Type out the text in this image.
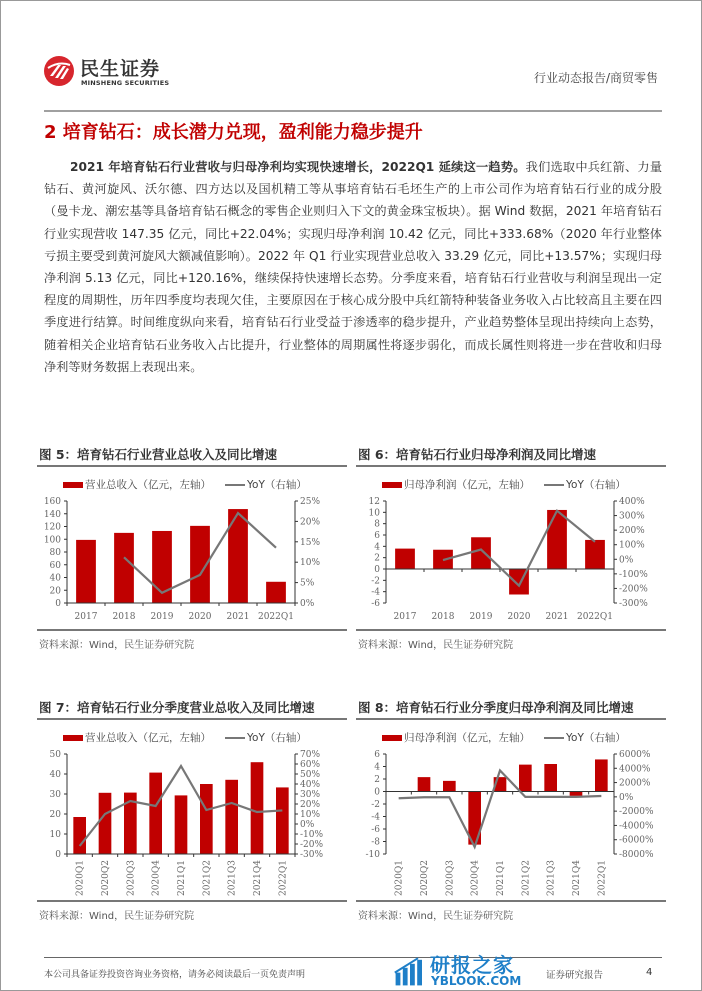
民生证券
MINSHENG SECURITIES	行业动态报告/商贸零售
2 培育钻石：成长潜力兑现，盈利能力稳步提升
2021 年培育钻石行业营收与归母净利均实现快速增长，2022Q1 延续这一趋势。我们选取中兵红箭、力量钻石、黄河旋风、沃尔德、四方达以及国机精工等从事培育钻石毛坯生产的上市公司作为培育钻石行业的成分股（曼卡龙、潮宏基等具备培育钻石概念的零售企业则归入下文的黄金珠宝板块）。据 Wind 数据，2021 年培育钻石行业实现营收 147.35 亿元，同比+22.04%；实现归母净利润 10.42 亿元，同比+333.68%（2020 年行业整体亏损主要受到黄河旋风大额减值影响）。2022 年 Q1 行业实现营业总收入 33.29 亿元，同比+13.57%；实现归母净利润 5.13 亿元，同比+120.16%，继续保持快速增长态势。分季度来看，培育钻石行业营收与利润呈现出一定程度的周期性，历年四季度均表现欠佳，主要原因在于核心成分股中兵红箭特种装备业务收入占比较高且主要在四季度进行结算。时间维度纵向来看，培育钻石行业受益于渗透率的稳步提升，产业趋势整体呈现出持续向上态势，随着相关企业培育钻石业务收入占比提升，行业整体的周期属性将逐步弱化，而成长属性则将进一步在营收和归母净利等财务数据上表现出来。
图 5：培育钻石行业营业总收入及同比增速
营业总收入（亿元，左轴）	YoY（右轴）
0
20
40
60
80
100
120
140
160
0%
5%
10%
15%
20%
25%
2017 2018 2019 2020 2021 2022Q1
资料来源：Wind，民生证券研究院
图 6：培育钻石行业归母净利润及同比增速
归母净利润（亿元，左轴）	YoY（右轴）
-6
-4
-2
0
2
4
6
8
10
12
-300%
-200%
-100%
0%
100%
200%
300%
400%
2017 2018 2019 2020 2021 2022Q1
资料来源：Wind，民生证券研究院
图 7：培育钻石行业分季度营业总收入及同比增速
营业总收入（亿元，左轴）	YoY（右轴）
0
10
20
30
40
50
-30%
-20%
-10%
0%
10%
20%
30%
40%
50%
60%
70%
2020Q1 2020Q2 2020Q3 2020Q4 2021Q1 2021Q2 2021Q3 2021Q4 2022Q1
资料来源：Wind，民生证券研究院
图 8：培育钻石行业分季度归母净利润及同比增速
归母净利润（亿元，左轴）	YoY（右轴）
-10
-8
-6
-4
-2
0
2
4
6
-8000%
-6000%
-4000%
-2000%
0%
2000%
4000%
6000%
2020Q1 2020Q2 2020Q3 2020Q4 2021Q1 2021Q2 2021Q3 2021Q4 2022Q1
资料来源：Wind，民生证券研究院
本公司具备证券投资咨询业务资格，请务必阅读最后一页免责声明	证券研究报告	4
研报之家
YBLOOK.COM
